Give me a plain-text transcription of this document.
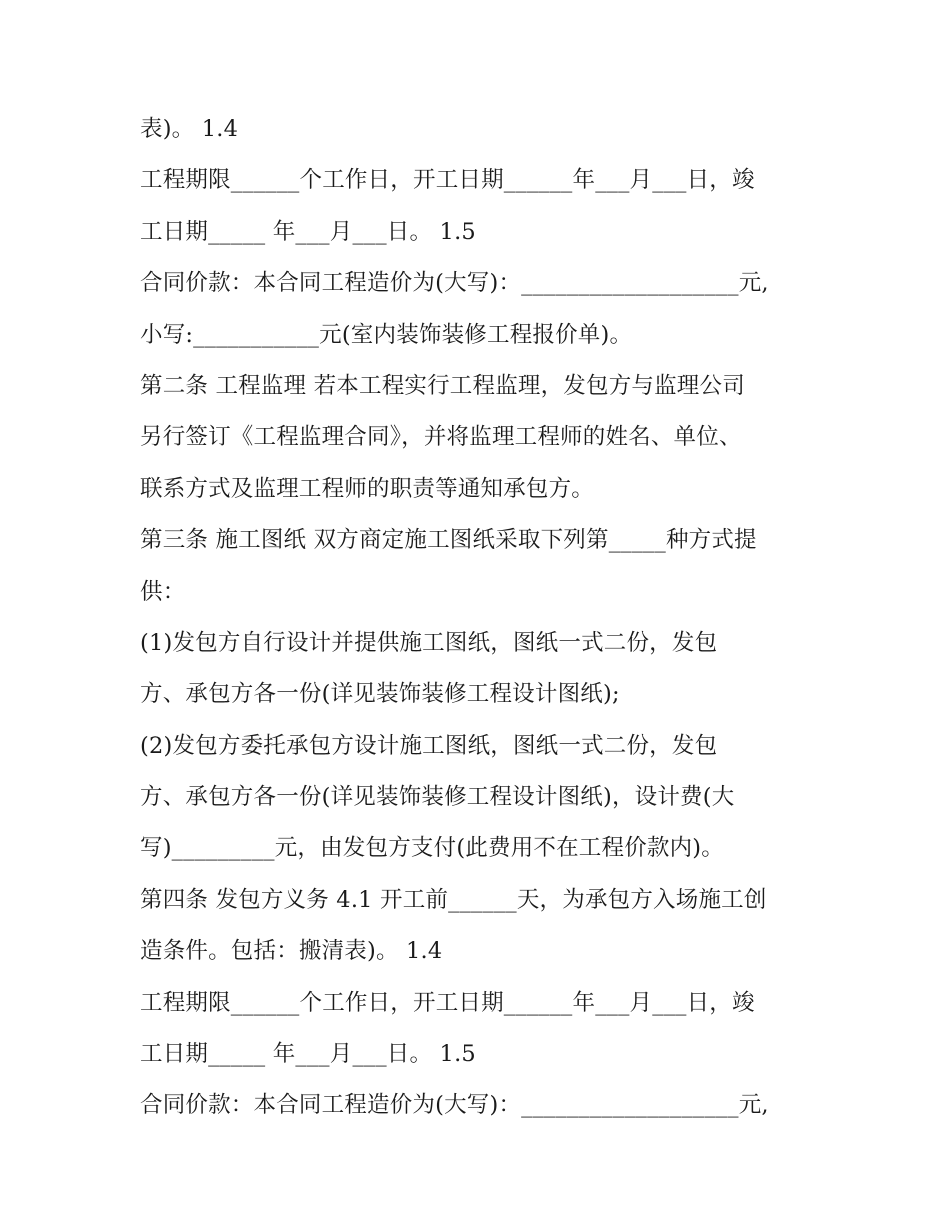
表)。 1.4
工程期限______个工作日，开工日期______年___月___日，竣
工日期_____ 年___月___日。 1.5
合同价款：本合同工程造价为(大写)：___________________元,
小写:___________元(室内装饰装修工程报价单)。
第二条 工程监理 若本工程实行工程监理，发包方与监理公司
另行签订《工程监理合同》，并将监理工程师的姓名、单位、
联系方式及监理工程师的职责等通知承包方。
第三条 施工图纸 双方商定施工图纸采取下列第_____种方式提
供：
(1)发包方自行设计并提供施工图纸，图纸一式二份，发包
方、承包方各一份(详见装饰装修工程设计图纸);
(2)发包方委托承包方设计施工图纸，图纸一式二份，发包
方、承包方各一份(详见装饰装修工程设计图纸)，设计费(大
写)_________元，由发包方支付(此费用不在工程价款内)。
第四条 发包方义务 4.1 开工前______天，为承包方入场施工创
造条件。包括：搬清表)。 1.4
工程期限______个工作日，开工日期______年___月___日，竣
工日期_____ 年___月___日。 1.5
合同价款：本合同工程造价为(大写)：___________________元,
